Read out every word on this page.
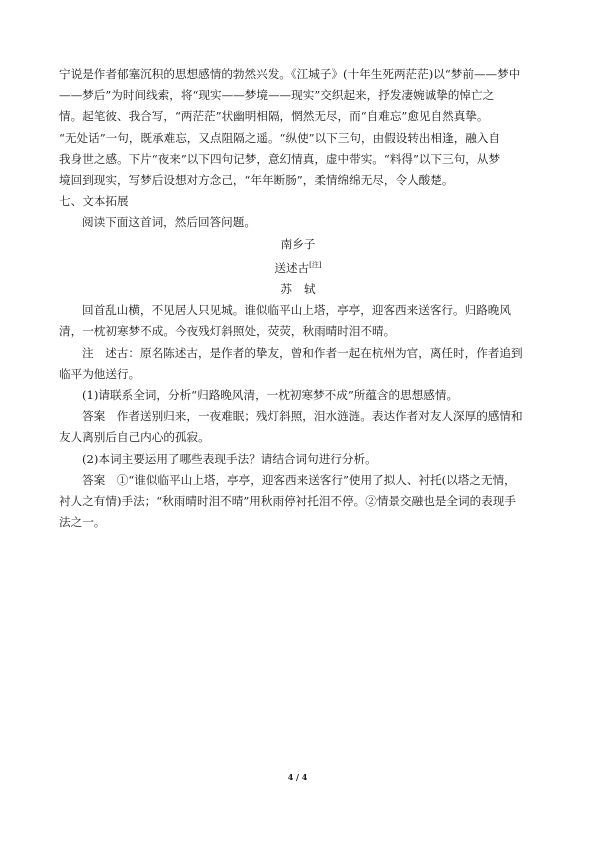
宁说是作者郁塞沉积的思想感情的勃然兴发。《江城子》(十年生死两茫茫)以“梦前——梦中

——梦后”为时间线索，将“现实——梦境——现实”交织起来，抒发凄婉诚挚的悼亡之

情。起笔彼、我合写，“两茫茫”状幽明相隔，惘然无尽，而“自难忘”愈见自然真挚。

“无处话”一句，既承难忘，又点阻隔之遥。“纵使”以下三句，由假设转出相逢，融入自

我身世之感。下片“夜来”以下四句记梦，意幻情真，虚中带实。“料得”以下三句，从梦

境回到现实，写梦后设想对方念己，“年年断肠”，柔情绵绵无尽，令人酸楚。

七、文本拓展

阅读下面这首词，然后回答问题。

南乡子

送述古[注]

苏轼

回首乱山横，不见居人只见城。谁似临平山上塔，亭亭，迎客西来送客行。归路晚风

清，一枕初寒梦不成。今夜残灯斜照处，荧荧，秋雨晴时泪不晴。

注　述古：原名陈述古，是作者的挚友，曾和作者一起在杭州为官，离任时，作者追到

临平为他送行。

(1)请联系全词，分析“归路晚风清，一枕初寒梦不成”所蕴含的思想感情。

答案　作者送别归来，一夜难眠；残灯斜照，泪水涟涟。表达作者对友人深厚的感情和

友人离别后自己内心的孤寂。

(2)本词主要运用了哪些表现手法？请结合词句进行分析。

答案　①“谁似临平山上塔，亭亭，迎客西来送客行”使用了拟人、衬托(以塔之无情，

衬人之有情)手法；“秋雨晴时泪不晴”用秋雨停衬托泪不停。②情景交融也是全词的表现手

法之一。

4 / 4
